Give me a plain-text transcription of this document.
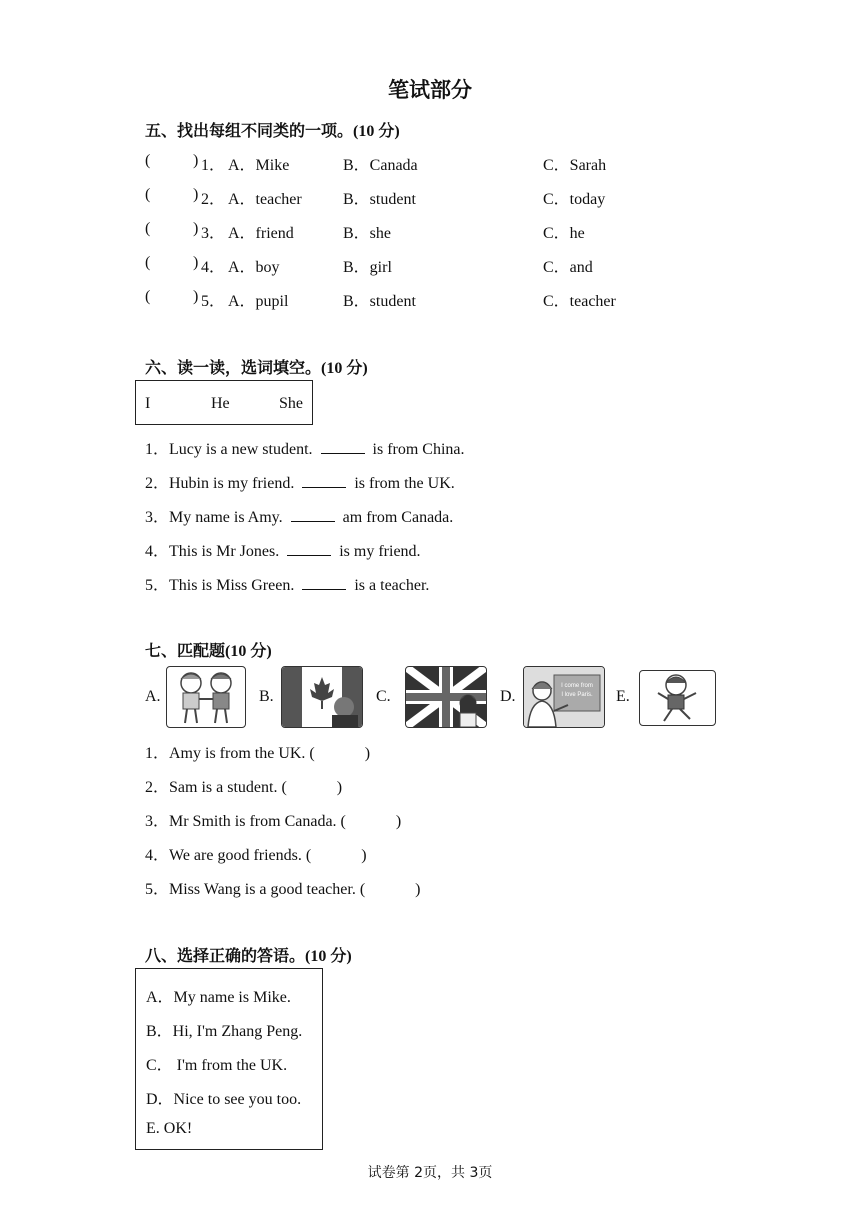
笔试部分
五、找出每组不同类的一项。(10 分)
(	) 1． A．Mike	B．Canada	C．Sarah
(	) 2． A．teacher	B．student	C．today
(	) 3． A．friend	B．she	C．he
(	) 4． A．boy	B．girl	C．and
(	) 5． A．pupil	B．student	C．teacher
六、读一读，选词填空。(10 分)
I	He	She
1．Lucy is a new student.	is from China.
2．Hubin is my friend.	is from the UK.
3．My name is Amy.	am from Canada.
4．This is Mr Jones.	is my friend.
5．This is Miss Green.	is a teacher.
七、匹配题(10 分)
A.	B.	C.	D.
I come from
I love Paris. E.
1．Amy is from the UK. (	)
2．Sam is a student. (	)
3．Mr Smith is from Canada. (	)
4．We are good friends. (	)
5．Miss Wang is a good teacher. (	)
八、选择正确的答语。(10 分)
A．My name is Mike.
B．Hi, I'm Zhang Peng.
C． I'm from the UK.
D．Nice to see you too.
E. OK!
试卷第 2页，共 3页
